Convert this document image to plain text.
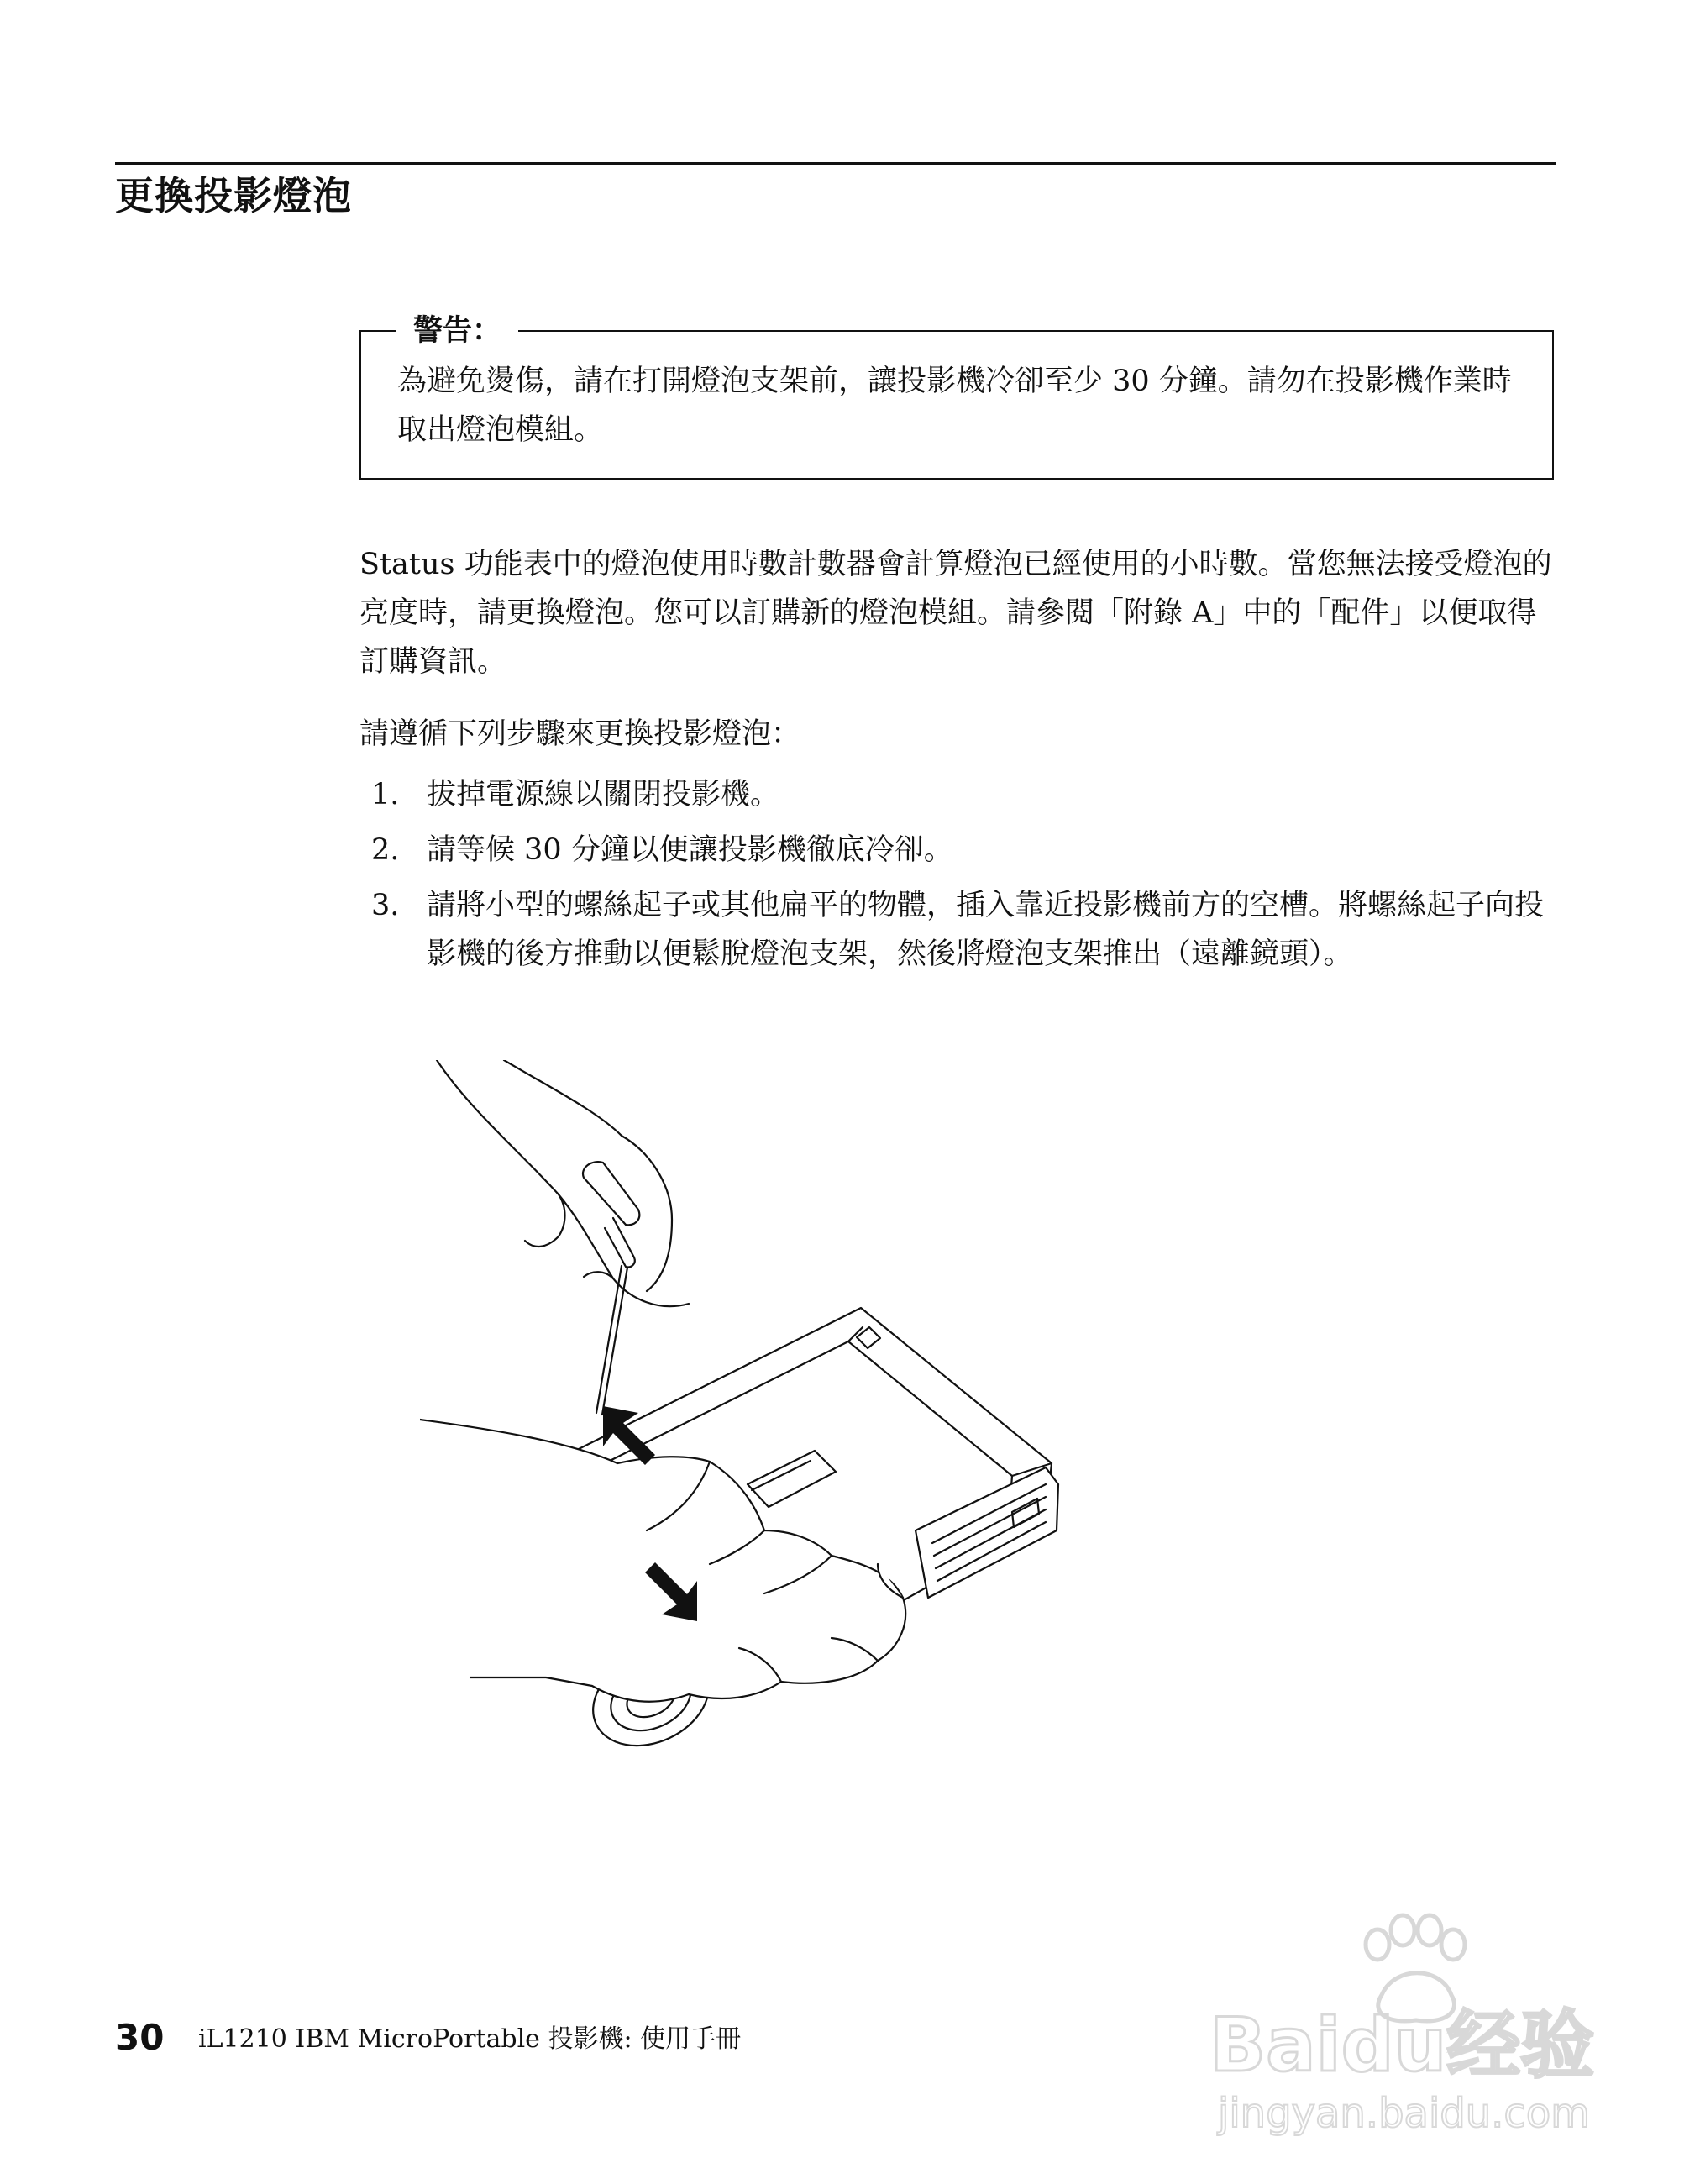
更換投影燈泡
警告：
為避免燙傷，請在打開燈泡支架前，讓投影機冷卻至少 30 分鐘。請勿在投影機作業時取出燈泡模組。
Status 功能表中的燈泡使用時數計數器會計算燈泡已經使用的小時數。當您無法接受燈泡的亮度時，請更換燈泡。您可以訂購新的燈泡模組。請參閱「附錄 A」中的「配件」以便取得訂購資訊。
請遵循下列步驟來更換投影燈泡：
1. 拔掉電源線以關閉投影機。
2. 請等候 30 分鐘以便讓投影機徹底冷卻。
3. 請將小型的螺絲起子或其他扁平的物體，插入靠近投影機前方的空槽。將螺絲起子向投影機的後方推動以便鬆脫燈泡支架，然後將燈泡支架推出（遠離鏡頭）。
30 iL1210 IBM MicroPortable 投影機: 使用手冊	Baidu经验
jingyan.baidu.com
